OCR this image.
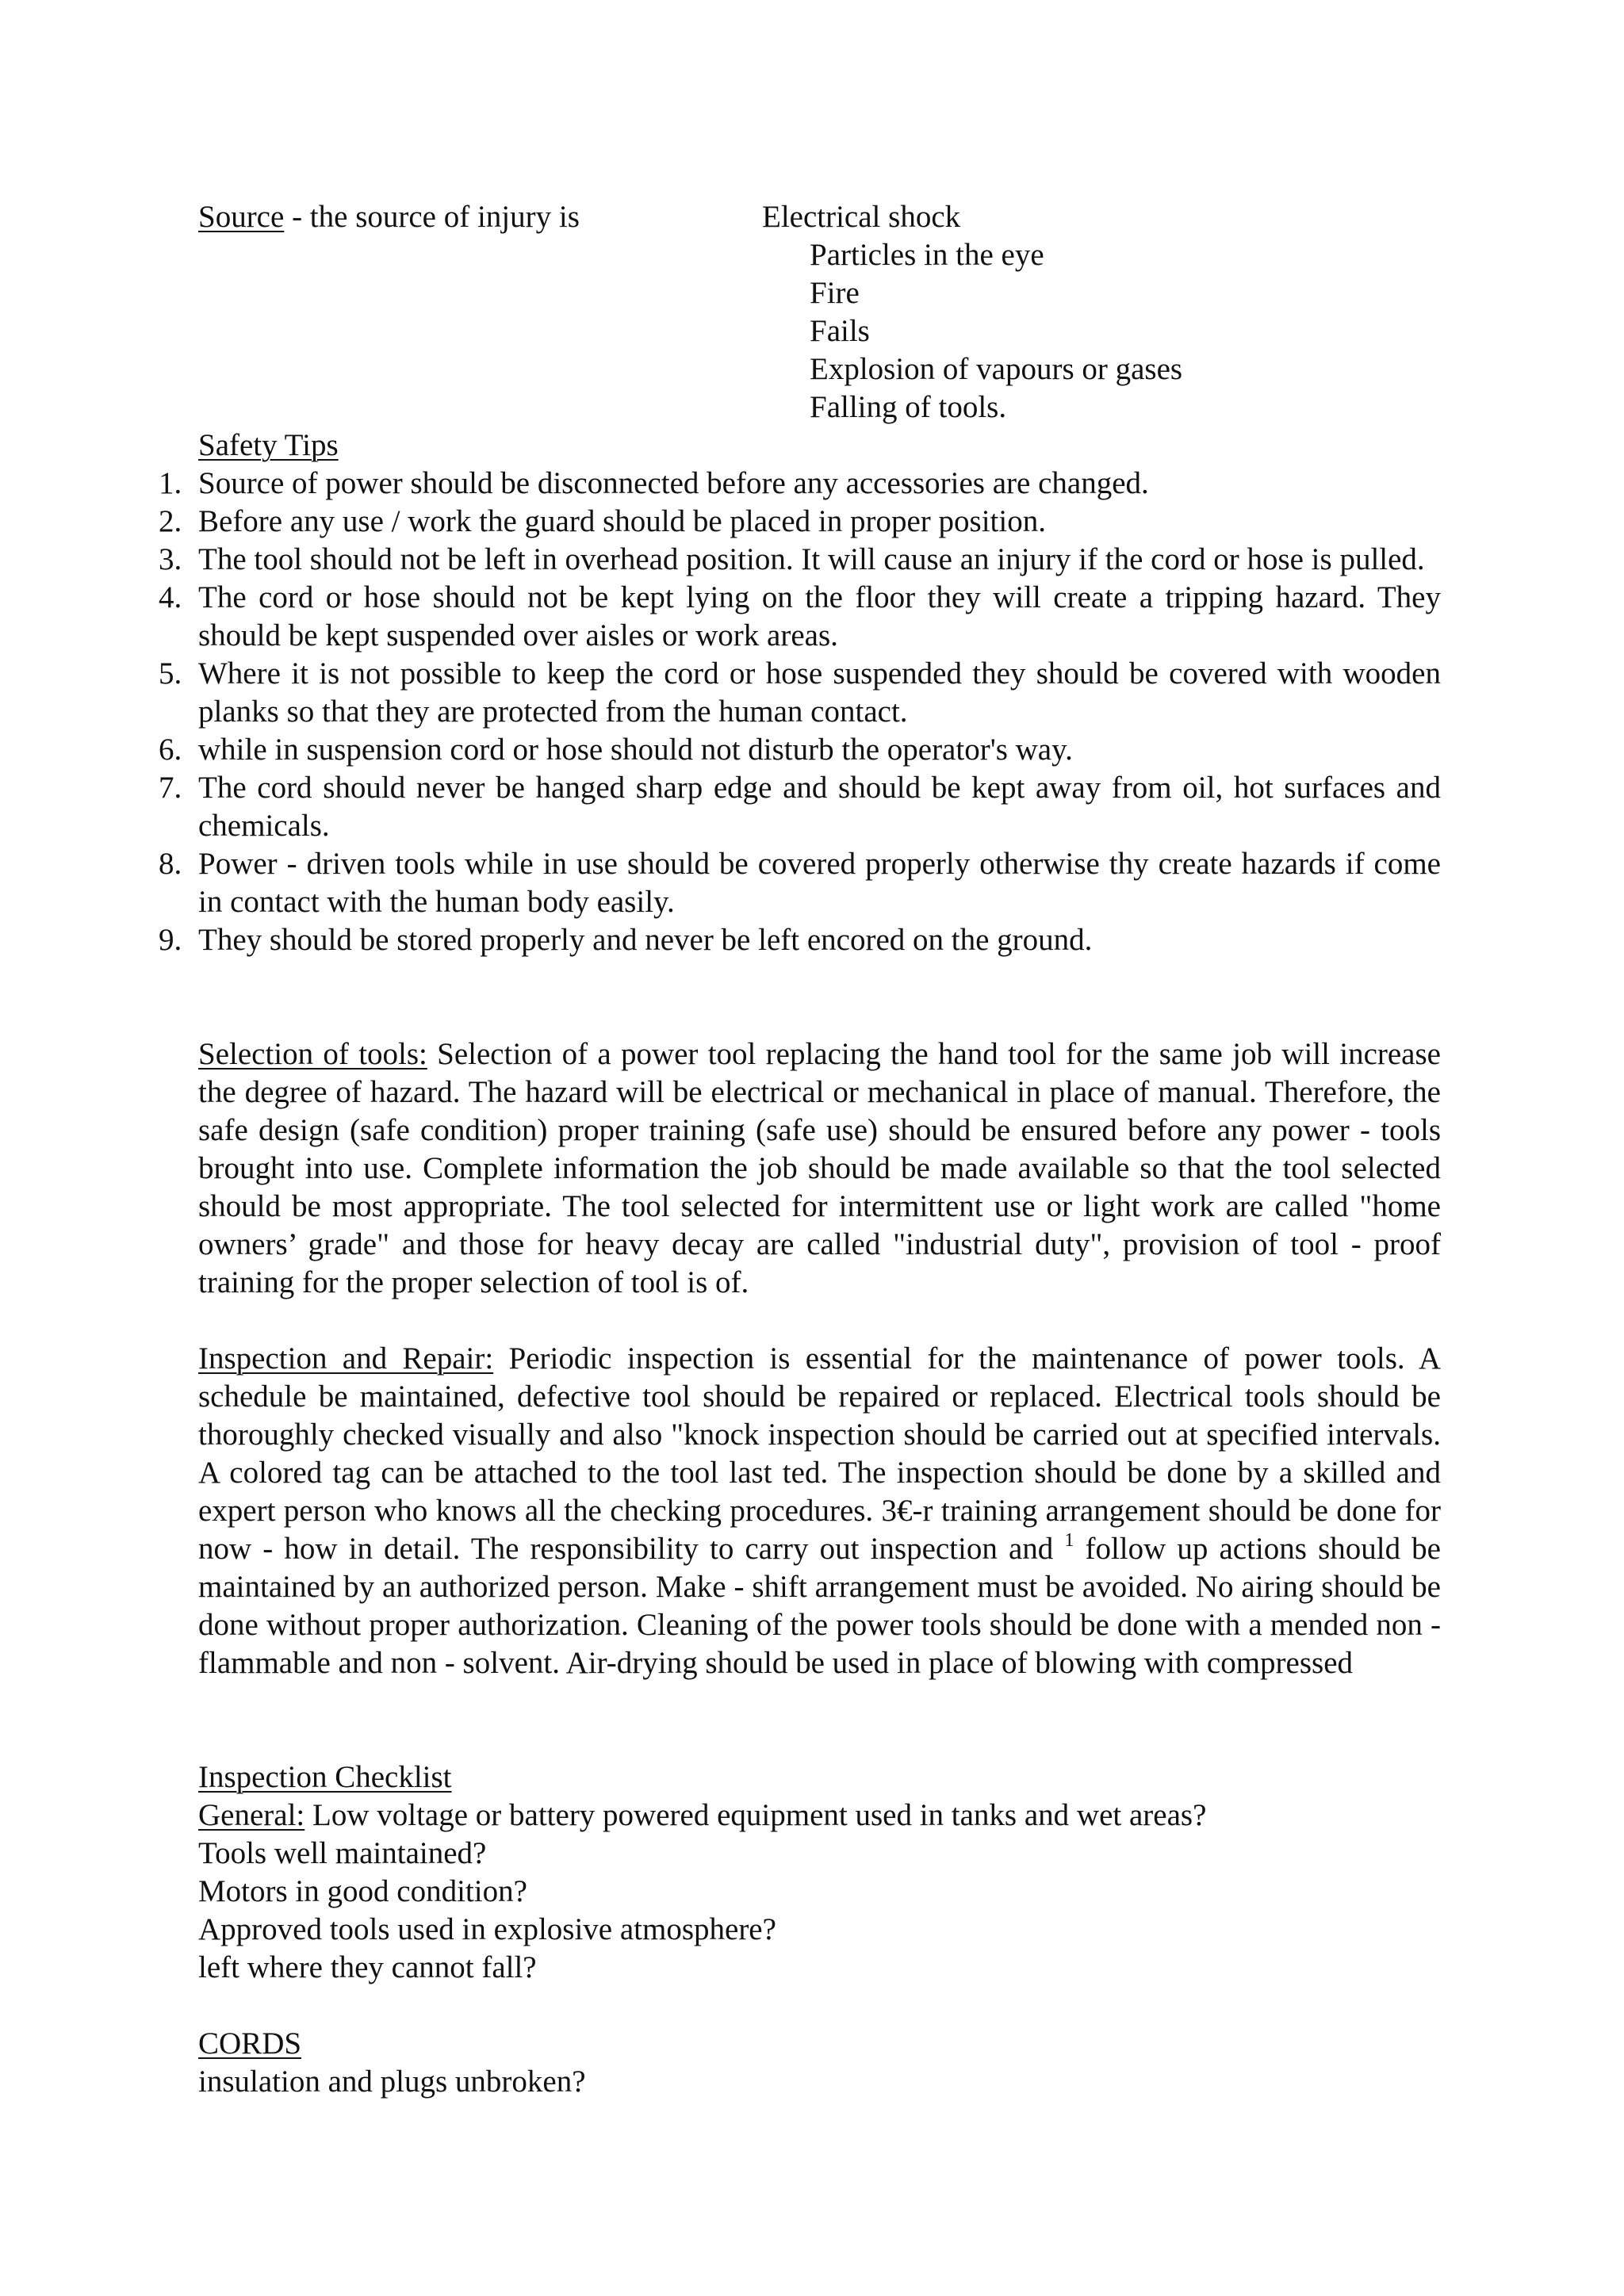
Source - the source of injury is	Electrical shock
Particles in the eye
Fire
Fails
Explosion of vapours or gases
Falling of tools.
Safety Tips
1. Source of power should be disconnected before any accessories are changed.
2. Before any use / work the guard should be placed in proper position.
3. The tool should not be left in overhead position. It will cause an injury if the cord or hose is pulled.
4. The cord or hose should not be kept lying on the floor they will create a tripping hazard. They should be kept suspended over aisles or work areas.
5. Where it is not possible to keep the cord or hose suspended they should be covered with wooden planks so that they are protected from the human contact.
6. while in suspension cord or hose should not disturb the operator's way.
7. The cord should never be hanged sharp edge and should be kept away from oil, hot surfaces and chemicals.
8. Power - driven tools while in use should be covered properly otherwise thy create hazards if come in contact with the human body easily.
9. They should be stored properly and never be left encored on the ground.
Selection of tools: Selection of a power tool replacing the hand tool for the same job will increase the degree of hazard. The hazard will be electrical or mechanical in place of manual. Therefore, the safe design (safe condition) proper training (safe use) should be ensured before any power - tools brought into use. Complete information the job should be made available so that the tool selected should be most appropriate. The tool selected for intermittent use or light work are called "home owners’ grade" and those for heavy decay are called "industrial duty", provision of tool - proof training for the proper selection of tool is of.
Inspection and Repair: Periodic inspection is essential for the maintenance of power tools. A schedule be maintained, defective tool should be repaired or replaced. Electrical tools should be thoroughly checked visually and also "knock inspection should be carried out at specified intervals. A colored tag can be attached to the tool last ted. The inspection should be done by a skilled and expert person who knows all the checking procedures. 3€-r training arrangement should be done for now - how in detail. The responsibility to carry out inspection and $^1$ follow up actions should be maintained by an authorized person. Make - shift arrangement must be avoided. No airing should be done without proper authorization. Cleaning of the power tools should be done with a mended non - flammable and non - solvent. Air-drying should be used in place of blowing with compressed
Inspection Checklist
General: Low voltage or battery powered equipment used in tanks and wet areas?
Tools well maintained?
Motors in good condition?
Approved tools used in explosive atmosphere?
left where they cannot fall?
CORDS
insulation and plugs unbroken?
